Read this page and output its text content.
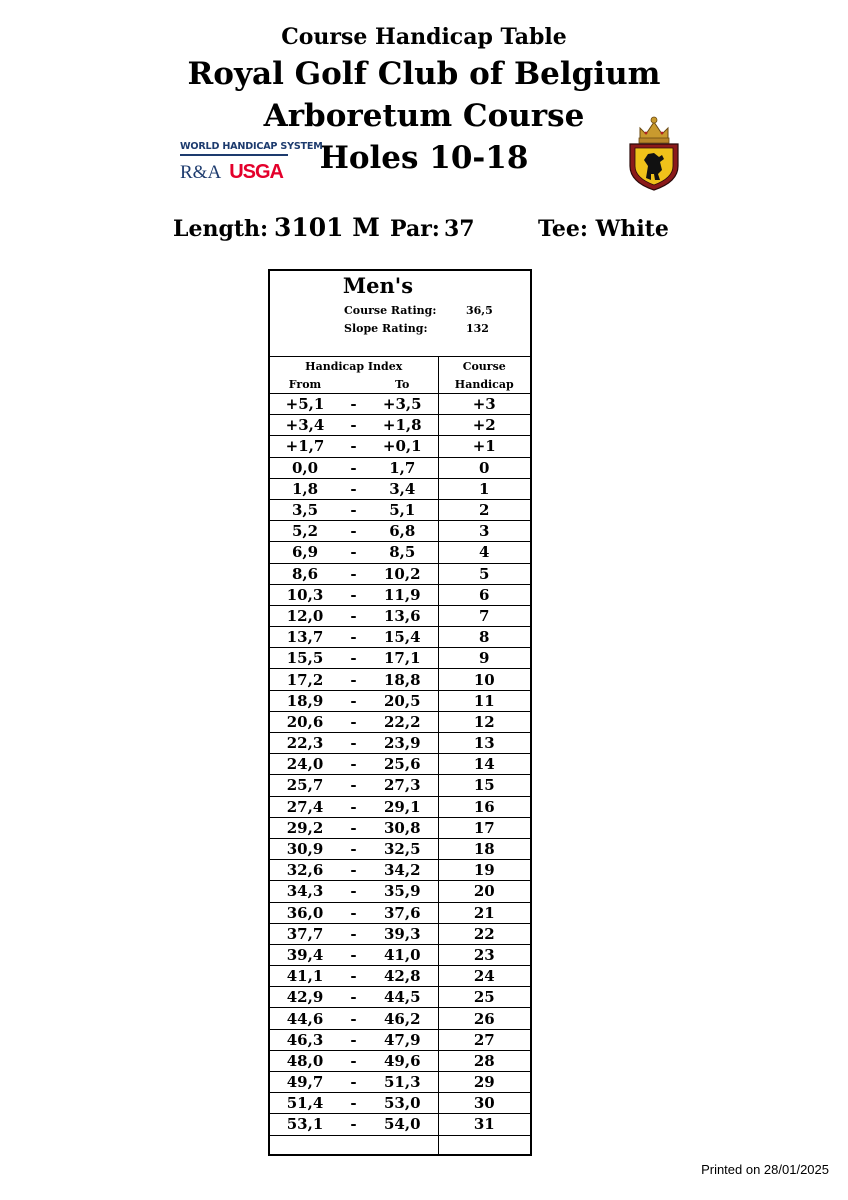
Course Handicap Table
Royal Golf Club of Belgium
Arboretum Course
Holes 10-18
WORLD HANDICAP SYSTEM
R&A USGA
Length: 3101 M Par: 37	Tee: White
Men's
Course Rating:	36,5
Slope Rating:	132
Handicap Index			Course
From		To	Handicap
+5,1	-	+3,5	+3
+3,4	-	+1,8	+2
+1,7	-	+0,1	+1
0,0	-	1,7	0
1,8	-	3,4	1
3,5	-	5,1	2
5,2	-	6,8	3
6,9	-	8,5	4
8,6	-	10,2	5
10,3	-	11,9	6
12,0	-	13,6	7
13,7	-	15,4	8
15,5	-	17,1	9
17,2	-	18,8	10
18,9	-	20,5	11
20,6	-	22,2	12
22,3	-	23,9	13
24,0	-	25,6	14
25,7	-	27,3	15
27,4	-	29,1	16
29,2	-	30,8	17
30,9	-	32,5	18
32,6	-	34,2	19
34,3	-	35,9	20
36,0	-	37,6	21
37,7	-	39,3	22
39,4	-	41,0	23
41,1	-	42,8	24
42,9	-	44,5	25
44,6	-	46,2	26
46,3	-	47,9	27
48,0	-	49,6	28
49,7	-	51,3	29
51,4	-	53,0	30
53,1	-	54,0	31

Printed on 28/01/2025
